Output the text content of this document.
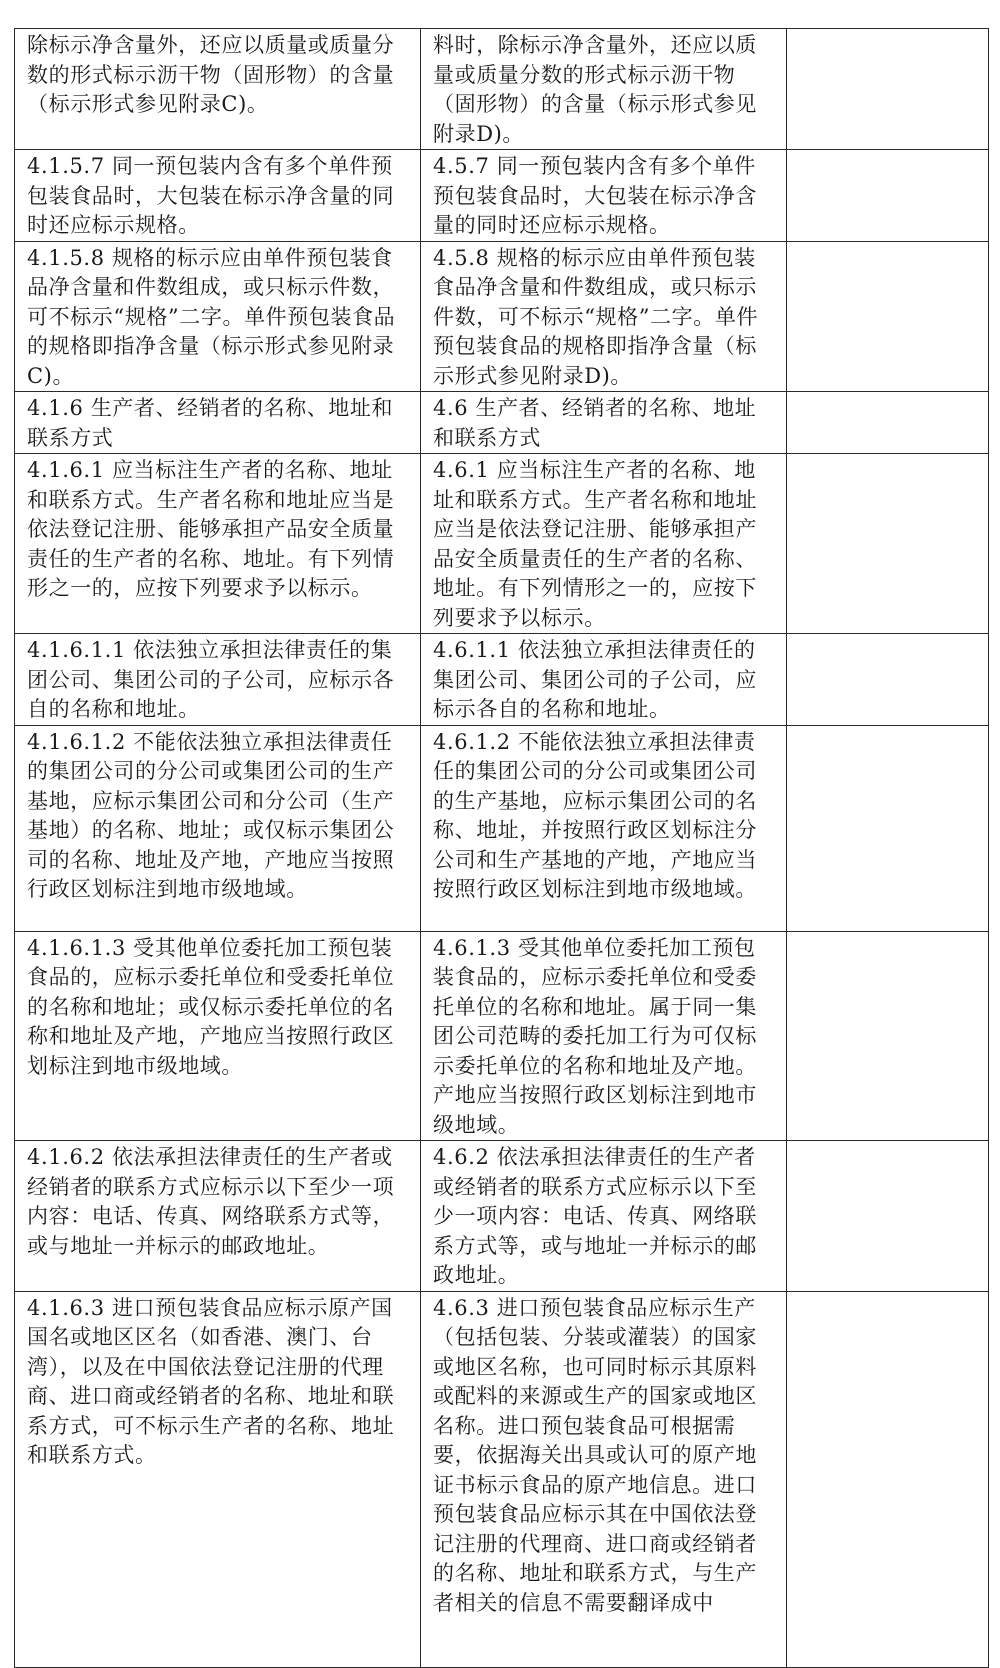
除标示净含量外，还应以质量或质量分数的形式标示沥干物（固形物）的含量（标示形式参见附录C)。	料时，除标示净含量外，还应以质量或质量分数的形式标示沥干物（固形物）的含量（标示形式参见附录D)。	
4.1.5.7 同一预包装内含有多个单件预包装食品时，大包装在标示净含量的同时还应标示规格。	4.5.7 同一预包装内含有多个单件预包装食品时，大包装在标示净含量的同时还应标示规格。	
4.1.5.8 规格的标示应由单件预包装食品净含量和件数组成，或只标示件数，可不标示“规格”二字。单件预包装食品的规格即指净含量（标示形式参见附录C)。	4.5.8 规格的标示应由单件预包装食品净含量和件数组成，或只标示件数，可不标示“规格”二字。单件预包装食品的规格即指净含量（标示形式参见附录D)。	
4.1.6 生产者、经销者的名称、地址和联系方式	4.6 生产者、经销者的名称、地址和联系方式	
4.1.6.1 应当标注生产者的名称、地址和联系方式。生产者名称和地址应当是依法登记注册、能够承担产品安全质量责任的生产者的名称、地址。有下列情形之一的，应按下列要求予以标示。	4.6.1 应当标注生产者的名称、地址和联系方式。生产者名称和地址应当是依法登记注册、能够承担产品安全质量责任的生产者的名称、地址。有下列情形之一的，应按下列要求予以标示。	
4.1.6.1.1 依法独立承担法律责任的集团公司、集团公司的子公司，应标示各自的名称和地址。	4.6.1.1 依法独立承担法律责任的集团公司、集团公司的子公司，应标示各自的名称和地址。	
4.1.6.1.2 不能依法独立承担法律责任的集团公司的分公司或集团公司的生产基地，应标示集团公司和分公司（生产基地）的名称、地址；或仅标示集团公司的名称、地址及产地，产地应当按照行政区划标注到地市级地域。	4.6.1.2 不能依法独立承担法律责任的集团公司的分公司或集团公司的生产基地，应标示集团公司的名称、地址，并按照行政区划标注分公司和生产基地的产地，产地应当按照行政区划标注到地市级地域。	
4.1.6.1.3 受其他单位委托加工预包装食品的，应标示委托单位和受委托单位的名称和地址；或仅标示委托单位的名称和地址及产地，产地应当按照行政区划标注到地市级地域。	4.6.1.3 受其他单位委托加工预包装食品的，应标示委托单位和受委托单位的名称和地址。属于同一集团公司范畴的委托加工行为可仅标示委托单位的名称和地址及产地。产地应当按照行政区划标注到地市级地域。	
4.1.6.2 依法承担法律责任的生产者或经销者的联系方式应标示以下至少一项内容：电话、传真、网络联系方式等，或与地址一并标示的邮政地址。	4.6.2 依法承担法律责任的生产者或经销者的联系方式应标示以下至少一项内容：电话、传真、网络联系方式等，或与地址一并标示的邮政地址。	
4.1.6.3 进口预包装食品应标示原产国国名或地区区名（如香港、澳门、台湾），以及在中国依法登记注册的代理商、进口商或经销者的名称、地址和联系方式，可不标示生产者的名称、地址和联系方式。	4.6.3 进口预包装食品应标示生产（包括包装、分装或灌装）的国家或地区名称，也可同时标示其原料或配料的来源或生产的国家或地区名称。进口预包装食品可根据需要，依据海关出具或认可的原产地证书标示食品的原产地信息。进口预包装食品应标示其在中国依法登记注册的代理商、进口商或经销者的名称、地址和联系方式，与生产者相关的信息不需要翻译成中	
